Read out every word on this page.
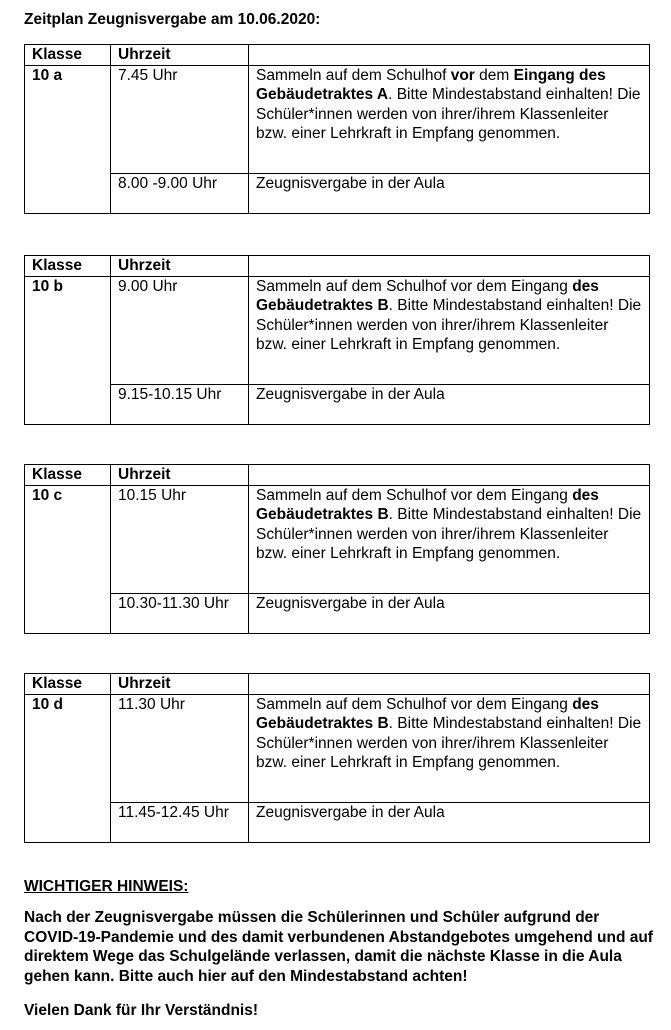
Zeitplan Zeugnisvergabe am 10.06.2020:
Klasse	Uhrzeit	
10 a	7.45 Uhr	Sammeln auf dem Schulhof vor dem Eingang des Gebäudetraktes A. Bitte Mindestabstand einhalten! Die Schüler*innen werden von ihrer/ihrem Klassenleiter bzw. einer Lehrkraft in Empfang genommen.
	8.00 -9.00 Uhr	Zeugnisvergabe in der Aula
Klasse	Uhrzeit	
10 b	9.00 Uhr	Sammeln auf dem Schulhof vor dem Eingang des Gebäudetraktes B. Bitte Mindestabstand einhalten! Die Schüler*innen werden von ihrer/ihrem Klassenleiter bzw. einer Lehrkraft in Empfang genommen.
	9.15-10.15 Uhr	Zeugnisvergabe in der Aula
Klasse	Uhrzeit	
10 c	10.15 Uhr	Sammeln auf dem Schulhof vor dem Eingang des Gebäudetraktes B. Bitte Mindestabstand einhalten! Die Schüler*innen werden von ihrer/ihrem Klassenleiter bzw. einer Lehrkraft in Empfang genommen.
	10.30-11.30 Uhr	Zeugnisvergabe in der Aula
Klasse	Uhrzeit	
10 d	11.30 Uhr	Sammeln auf dem Schulhof vor dem Eingang des Gebäudetraktes B. Bitte Mindestabstand einhalten! Die Schüler*innen werden von ihrer/ihrem Klassenleiter bzw. einer Lehrkraft in Empfang genommen.
	11.45-12.45 Uhr	Zeugnisvergabe in der Aula
WICHTIGER HINWEIS:
Nach der Zeugnisvergabe müssen die Schülerinnen und Schüler aufgrund der COVID-19-Pandemie und des damit verbundenen Abstandgebotes umgehend und auf direktem Wege das Schulgelände verlassen, damit die nächste Klasse in die Aula gehen kann. Bitte auch hier auf den Mindestabstand achten!
Vielen Dank für Ihr Verständnis!
